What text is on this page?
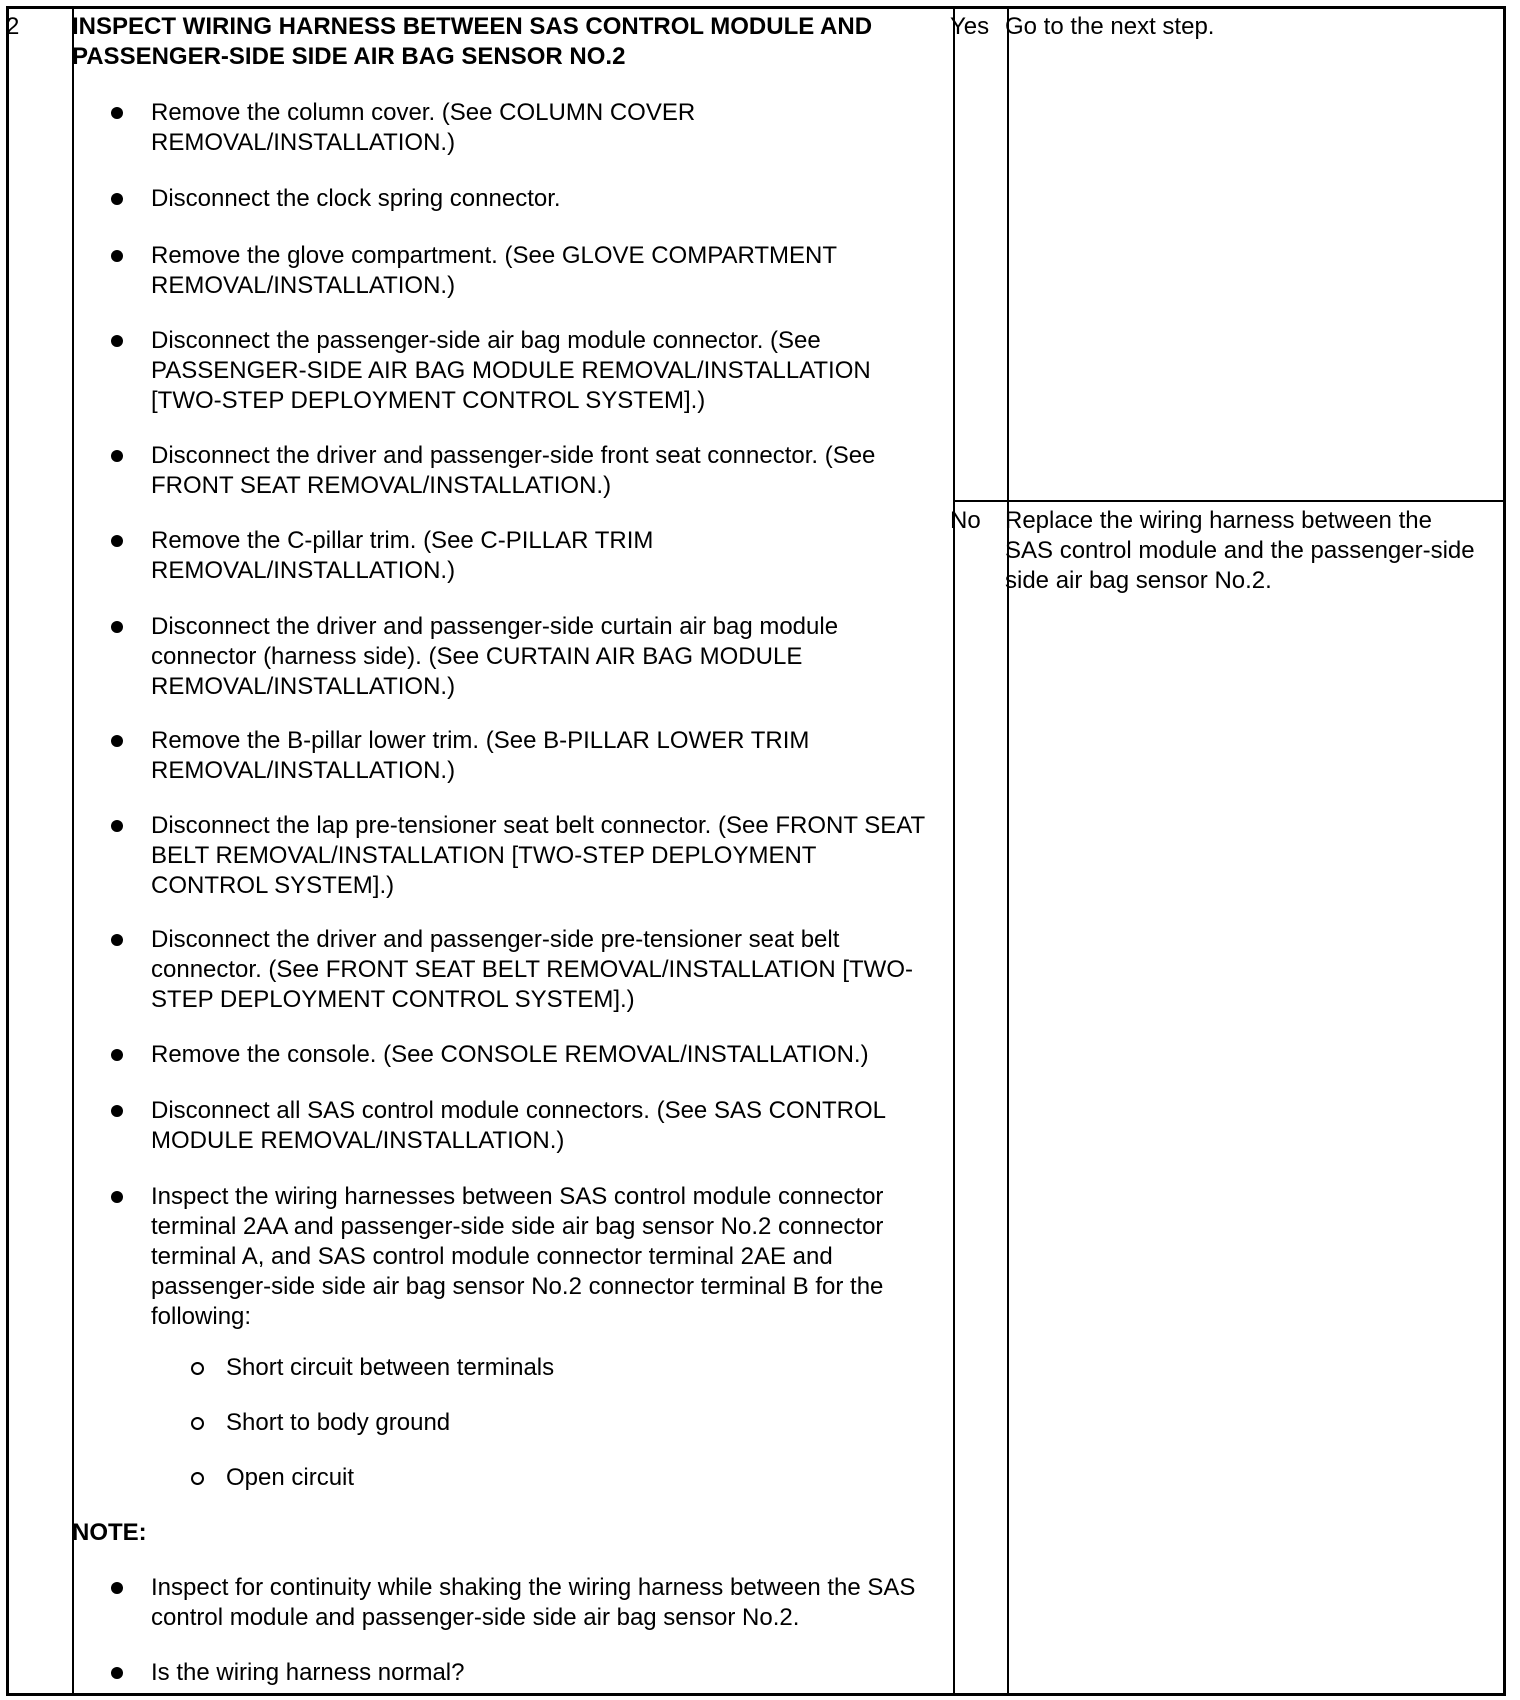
2 INSPECT WIRING HARNESS BETWEEN SAS CONTROL MODULE AND PASSENGER-SIDE SIDE AIR BAG SENSOR NO.2
Remove the column cover. (See COLUMN COVER REMOVAL/INSTALLATION.)
Disconnect the clock spring connector.
Remove the glove compartment. (See GLOVE COMPARTMENT REMOVAL/INSTALLATION.)
Disconnect the passenger-side air bag module connector. (See PASSENGER-SIDE AIR BAG MODULE REMOVAL/INSTALLATION [TWO-STEP DEPLOYMENT CONTROL SYSTEM].)
Disconnect the driver and passenger-side front seat connector. (See FRONT SEAT REMOVAL/INSTALLATION.)
Remove the C-pillar trim. (See C-PILLAR TRIM REMOVAL/INSTALLATION.)
Disconnect the driver and passenger-side curtain air bag module connector (harness side). (See CURTAIN AIR BAG MODULE REMOVAL/INSTALLATION.)
Remove the B-pillar lower trim. (See B-PILLAR LOWER TRIM REMOVAL/INSTALLATION.)
Disconnect the lap pre-tensioner seat belt connector. (See FRONT SEAT BELT REMOVAL/INSTALLATION [TWO-STEP DEPLOYMENT CONTROL SYSTEM].)
Disconnect the driver and passenger-side pre-tensioner seat belt connector. (See FRONT SEAT BELT REMOVAL/INSTALLATION [TWO-STEP DEPLOYMENT CONTROL SYSTEM].)
Remove the console. (See CONSOLE REMOVAL/INSTALLATION.)
Disconnect all SAS control module connectors. (See SAS CONTROL MODULE REMOVAL/INSTALLATION.)
Inspect the wiring harnesses between SAS control module connector terminal 2AA and passenger-side side air bag sensor No.2 connector terminal A, and SAS control module connector terminal 2AE and passenger-side side air bag sensor No.2 connector terminal B for the following:
Short circuit between terminals
Short to body ground
Open circuit
NOTE:
Inspect for continuity while shaking the wiring harness between the SAS control module and passenger-side side air bag sensor No.2.
Is the wiring harness normal?
Yes Go to the next step.
No Replace the wiring harness between the SAS control module and the passenger-side side air bag sensor No.2.
